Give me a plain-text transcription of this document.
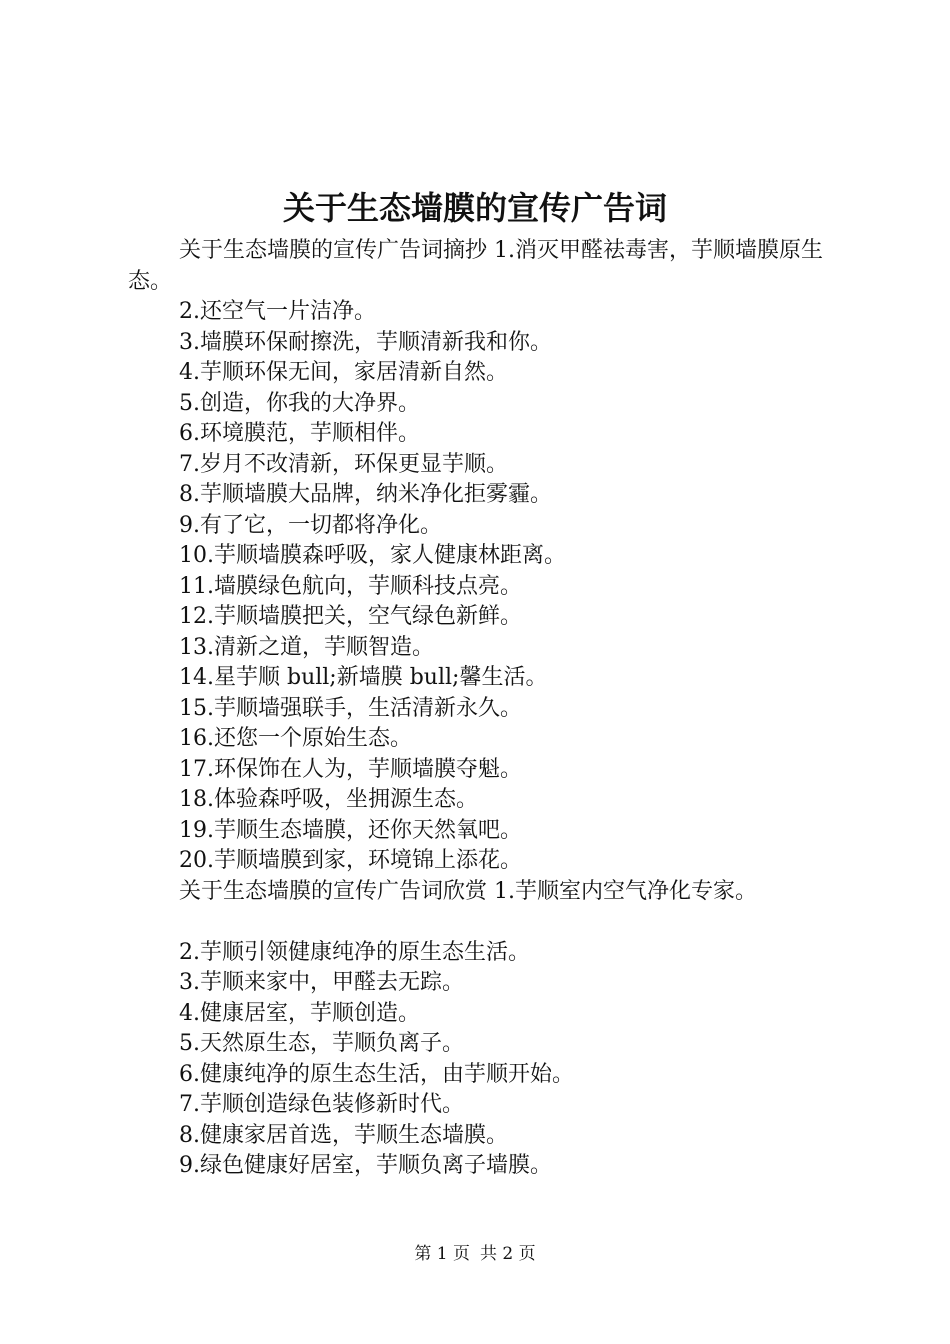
关于生态墙膜的宣传广告词

关于生态墙膜的宣传广告词摘抄 1.消灭甲醛祛毒害，芋顺墙膜原生态。

2.还空气一片洁净。

3.墙膜环保耐擦洗，芋顺清新我和你。

4.芋顺环保无间，家居清新自然。

5.创造，你我的大净界。

6.环境膜范，芋顺相伴。

7.岁月不改清新，环保更显芋顺。

8.芋顺墙膜大品牌，纳米净化拒雾霾。

9.有了它，一切都将净化。

10.芋顺墙膜森呼吸，家人健康林距离。

11.墙膜绿色航向，芋顺科技点亮。

12.芋顺墙膜把关，空气绿色新鲜。

13.清新之道，芋顺智造。

14.星芋顺 bull;新墙膜 bull;馨生活。

15.芋顺墙强联手，生活清新永久。

16.还您一个原始生态。

17.环保饰在人为，芋顺墙膜夺魁。

18.体验森呼吸，坐拥源生态。

19.芋顺生态墙膜，还你天然氧吧。

20.芋顺墙膜到家，环境锦上添花。

关于生态墙膜的宣传广告词欣赏 1.芋顺室内空气净化专家。

2.芋顺引领健康纯净的原生态生活。

3.芋顺来家中，甲醛去无踪。

4.健康居室，芋顺创造。

5.天然原生态，芋顺负离子。

6.健康纯净的原生态生活，由芋顺开始。

7.芋顺创造绿色装修新时代。

8.健康家居首选，芋顺生态墙膜。

9.绿色健康好居室，芋顺负离子墙膜。

第 1 页 共 2 页
